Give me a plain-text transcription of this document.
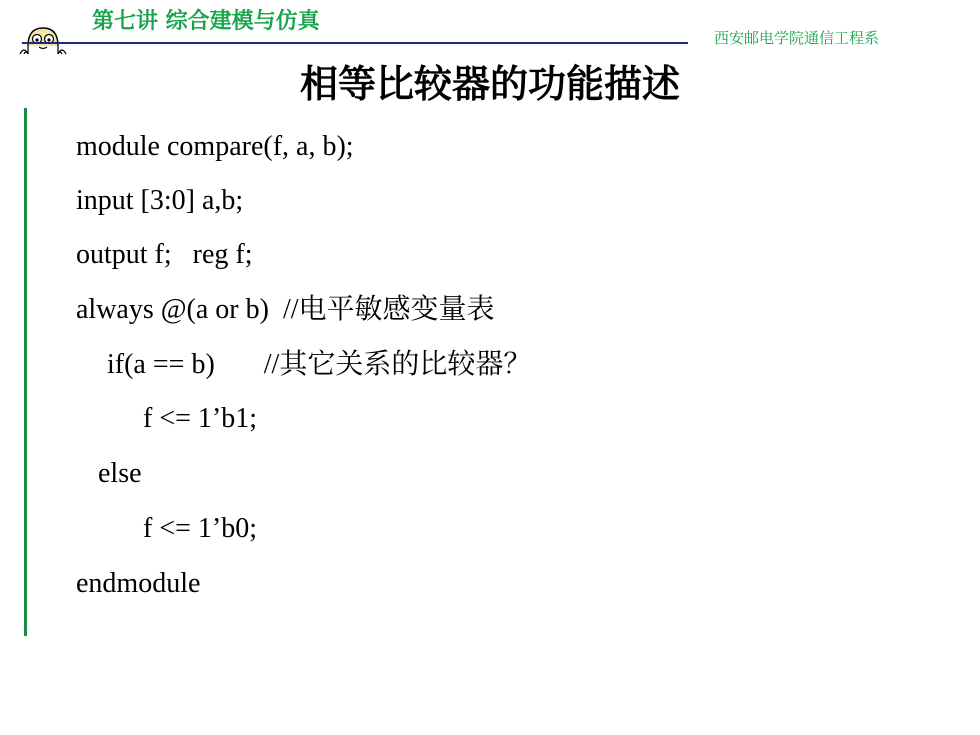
第七讲 综合建模与仿真
西安邮电学院通信工程系
相等比较器的功能描述
module compare(f, a, b);
input [3:0] a,b;
output f;   reg f;
always @(a or b)  //电平敏感变量表
if(a == b)       //其它关系的比较器？
f <= 1’b1;
else
f <= 1’b0;
endmodule
